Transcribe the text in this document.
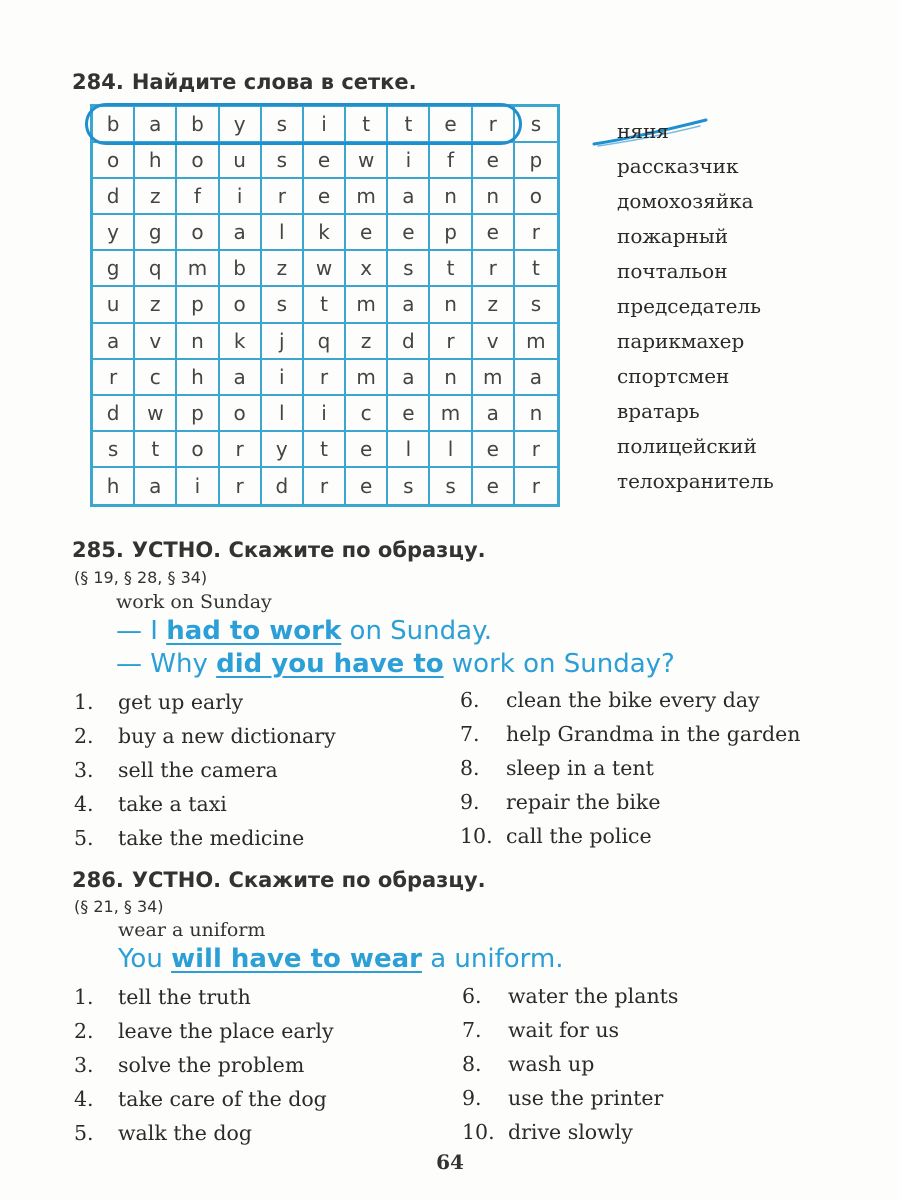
284. Найдите слова в сетке.
b	a	b	y	s	i	t	t	e	r	s
o	h	o	u	s	e	w	i	f	e	p
d	z	f	i	r	e	m	a	n	n	o
y	g	o	a	l	k	e	e	p	e	r
g	q	m	b	z	w	x	s	t	r	t
u	z	p	o	s	t	m	a	n	z	s
a	v	n	k	j	q	z	d	r	v	m
r	c	h	a	i	r	m	a	n	m	a
d	w	p	o	l	i	c	e	m	a	n
s	t	o	r	y	t	e	l	l	e	r
h	a	i	r	d	r	e	s	s	e	r
няня
рассказчик
домохозяйка
пожарный
почтальон
председатель
парикмахер
спортсмен
вратарь
полицейский
телохранитель
285. УСТНО. Скажите по образцу.
(§ 19, § 28, § 34)
work on Sunday
— I had to work on Sunday.
— Why did you have to work on Sunday?
1. get up early
2. buy a new dictionary
3. sell the camera
4. take a taxi
5. take the medicine
6. clean the bike every day
7. help Grandma in the garden
8. sleep in a tent
9. repair the bike
10. call the police
286. УСТНО. Скажите по образцу.
(§ 21, § 34)
wear a uniform
You will have to wear a uniform.
1. tell the truth
2. leave the place early
3. solve the problem
4. take care of the dog
5. walk the dog
6. water the plants
7. wait for us
8. wash up
9. use the printer
10. drive slowly
64
